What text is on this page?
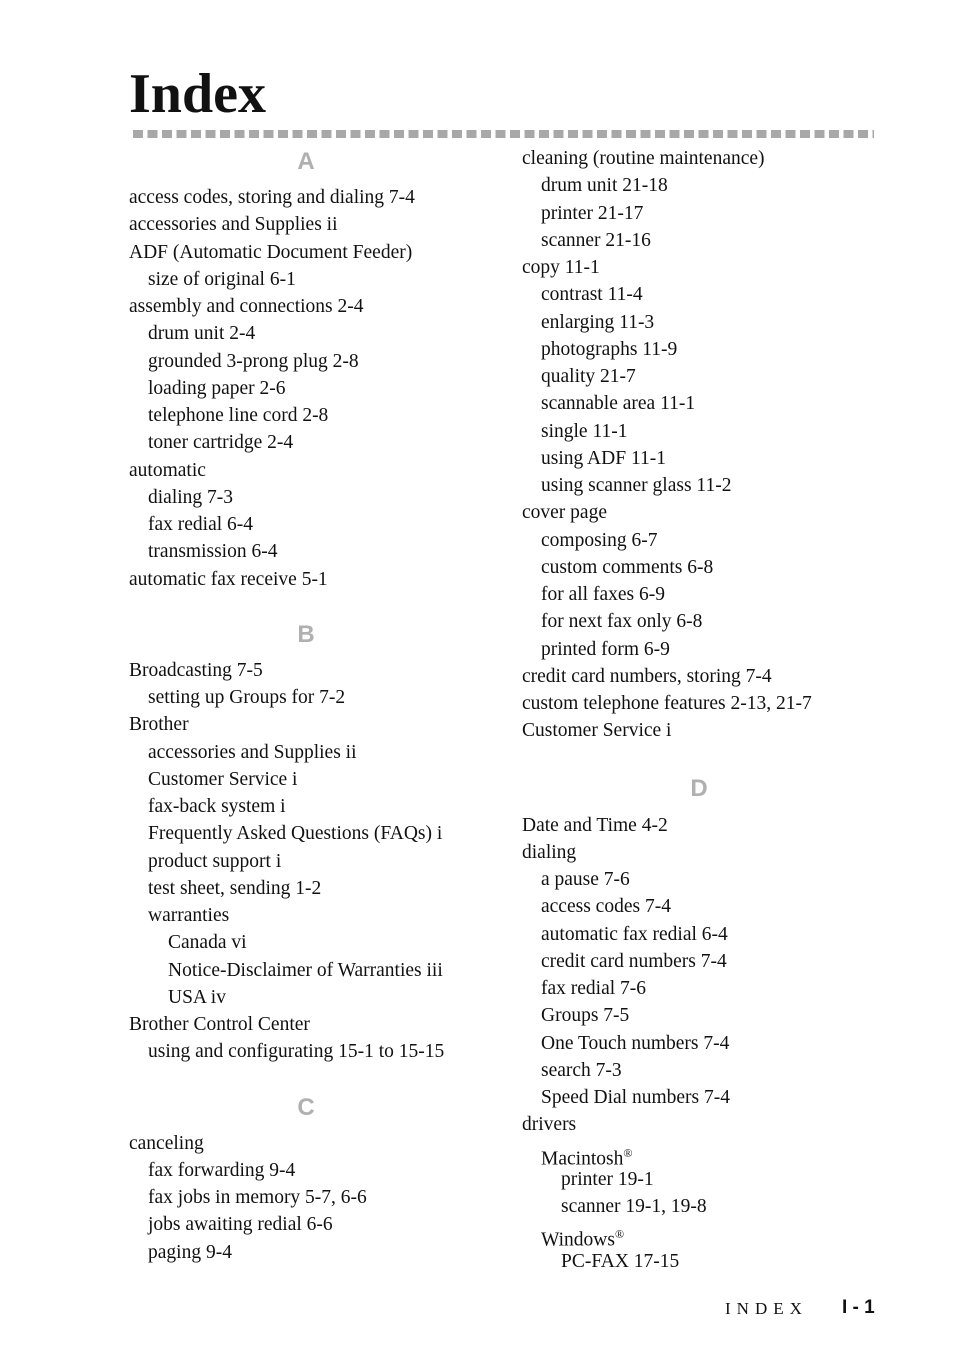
Index
A
access codes, storing and dialing 7-4
accessories and Supplies ii
ADF (Automatic Document Feeder)
size of original 6-1
assembly and connections 2-4
drum unit 2-4
grounded 3-prong plug 2-8
loading paper 2-6
telephone line cord 2-8
toner cartridge 2-4
automatic
dialing 7-3
fax redial 6-4
transmission 6-4
automatic fax receive 5-1
B
Broadcasting 7-5
setting up Groups for 7-2
Brother
accessories and Supplies ii
Customer Service i
fax-back system i
Frequently Asked Questions (FAQs) i
product support i
test sheet, sending 1-2
warranties
Canada vi
Notice-Disclaimer of Warranties iii
USA iv
Brother Control Center
using and configurating 15-1 to 15-15
C
canceling
fax forwarding 9-4
fax jobs in memory 5-7, 6-6
jobs awaiting redial 6-6
paging 9-4
cleaning (routine maintenance)
drum unit 21-18
printer 21-17
scanner 21-16
copy 11-1
contrast 11-4
enlarging 11-3
photographs 11-9
quality 21-7
scannable area 11-1
single 11-1
using ADF 11-1
using scanner glass 11-2
cover page
composing 6-7
custom comments 6-8
for all faxes 6-9
for next fax only 6-8
printed form 6-9
credit card numbers, storing 7-4
custom telephone features 2-13, 21-7
Customer Service i
D
Date and Time 4-2
dialing
a pause 7-6
access codes 7-4
automatic fax redial 6-4
credit card numbers 7-4
fax redial 7-6
Groups 7-5
One Touch numbers 7-4
search 7-3
Speed Dial numbers 7-4
drivers
Macintosh®
printer 19-1
scanner 19-1, 19-8
Windows®
PC-FAX 17-15
INDEX I - 1
